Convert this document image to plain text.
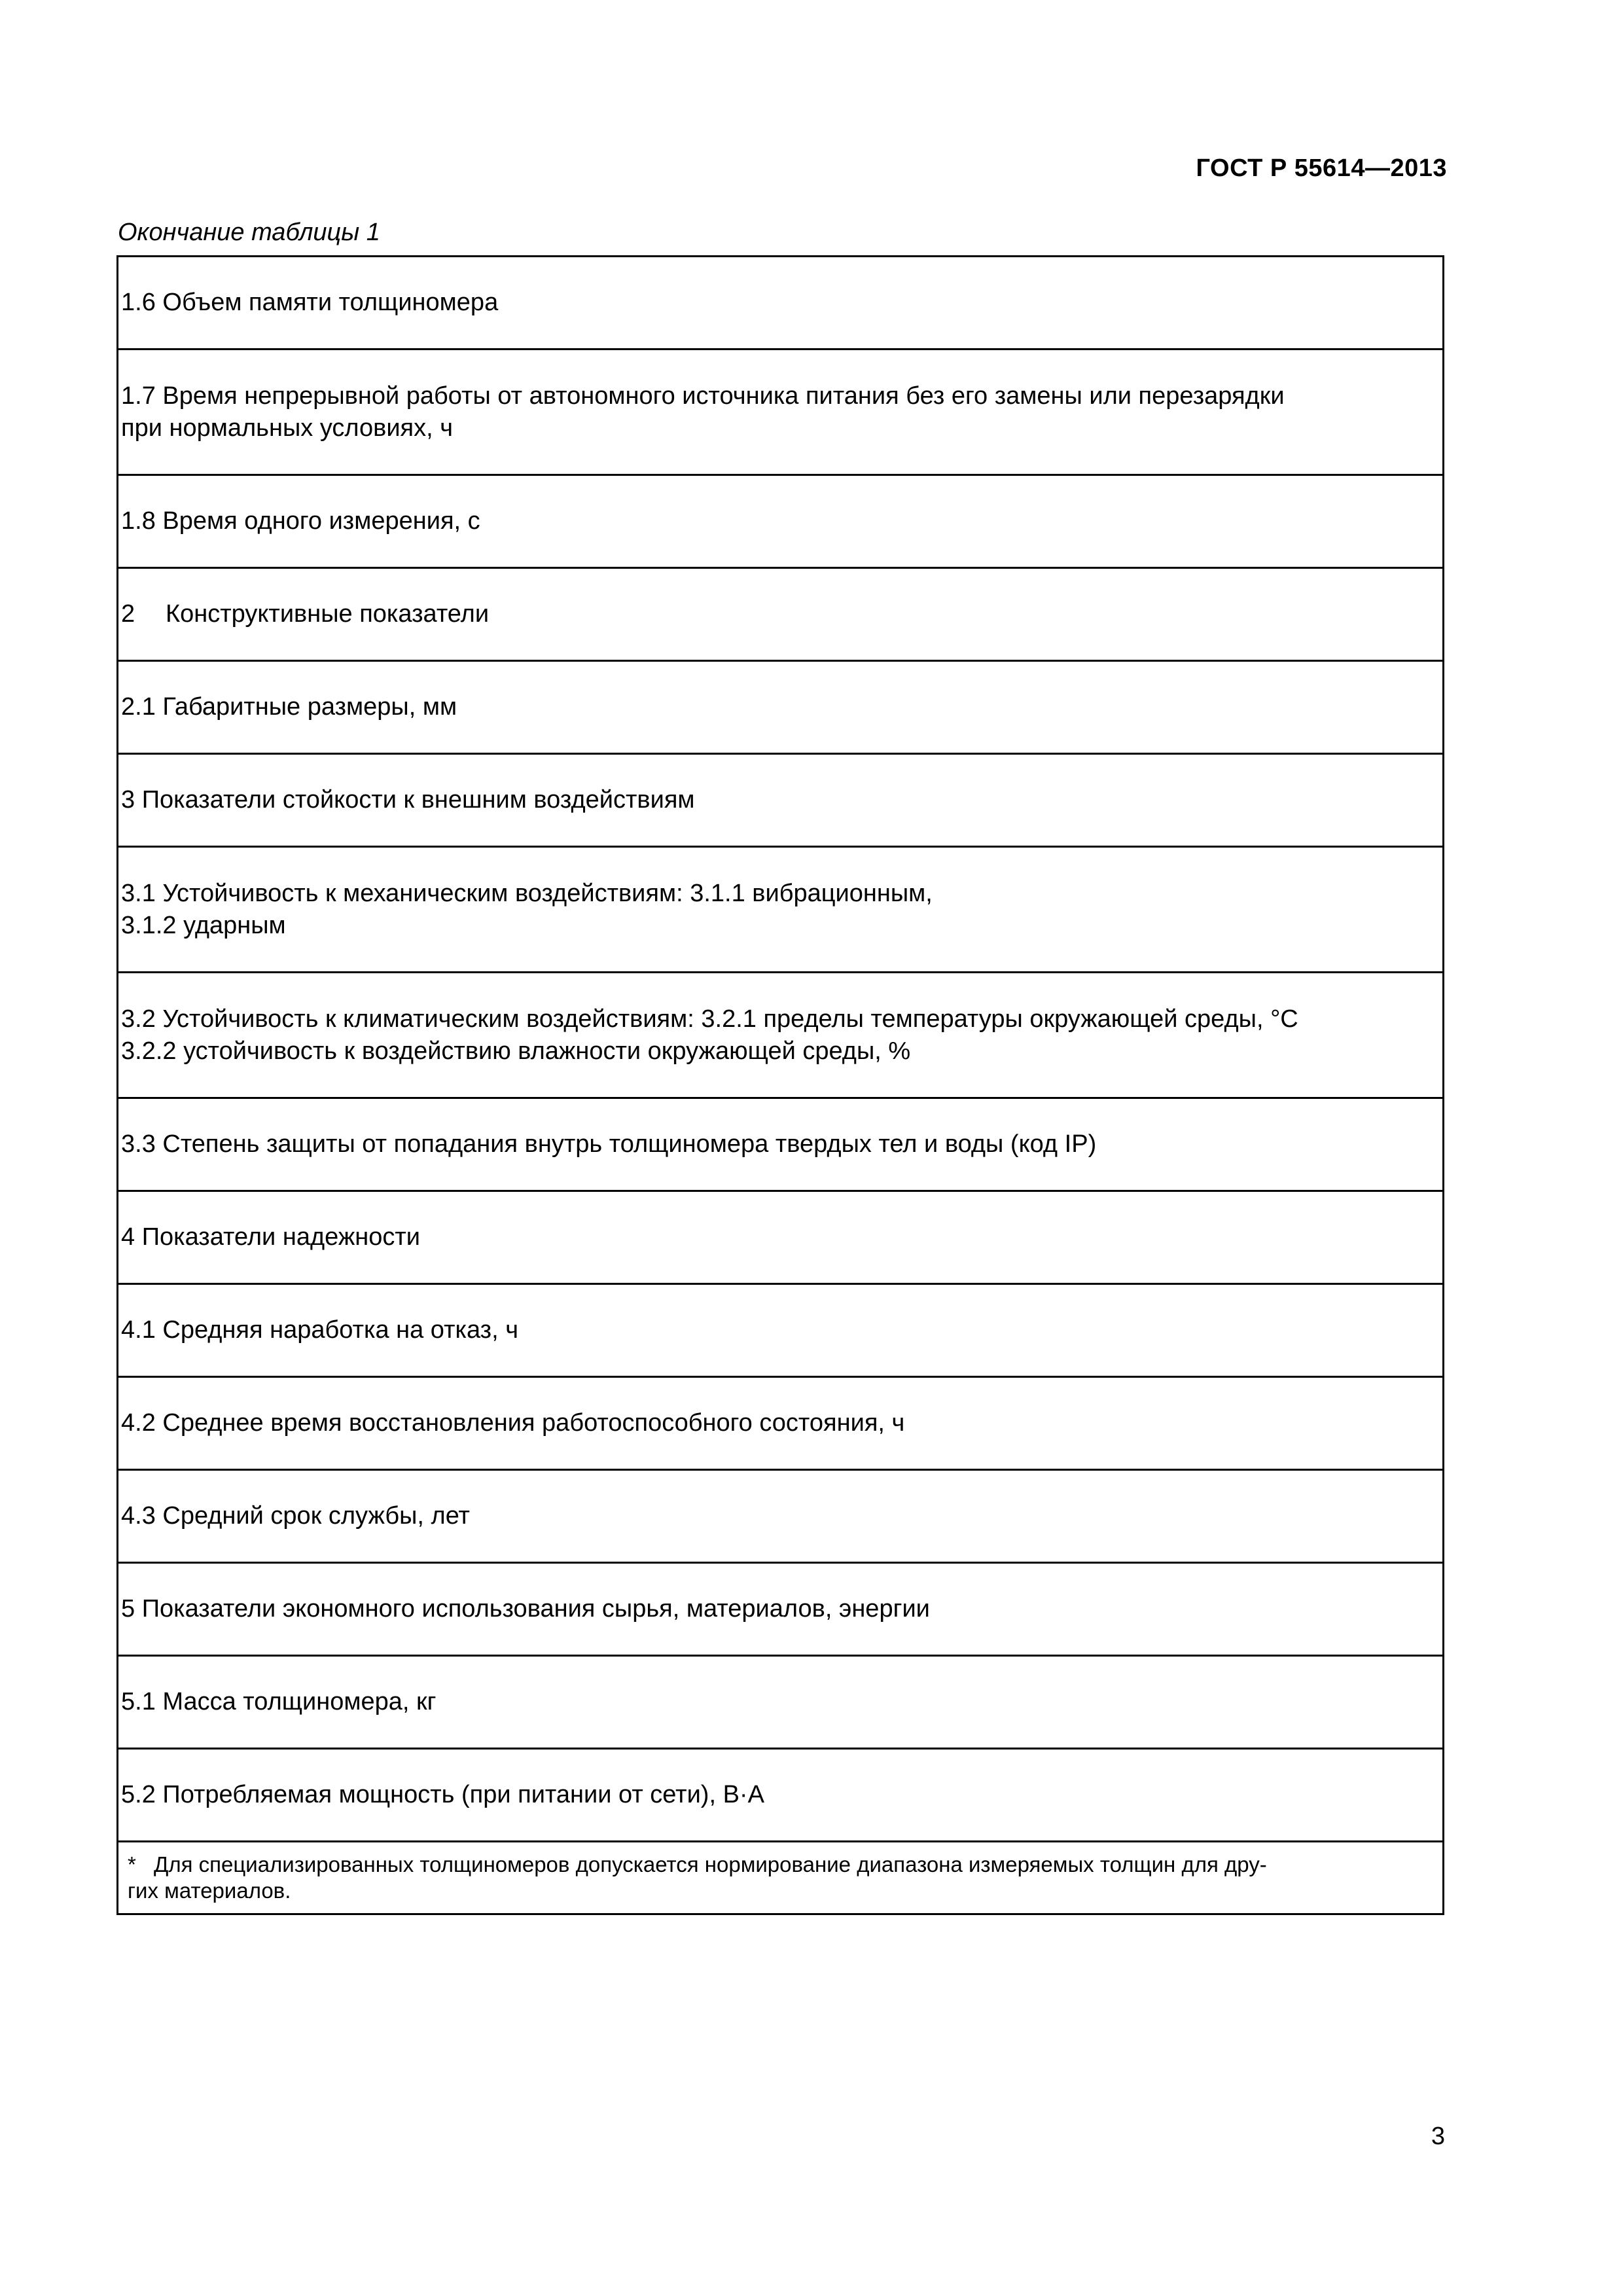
ГОСТ Р 55614—2013
Окончание таблицы 1
1.6 Объем памяти толщиномера

1.7 Время непрерывной работы от автономного источника питания без его замены или перезарядки
при нормальных условиях, ч

1.8 Время одного измерения, с

2 Конструктивные показатели

2.1 Габаритные размеры, мм

3 Показатели стойкости к внешним воздействиям

3.1 Устойчивость к механическим воздействиям: 3.1.1 вибрационным,
3.1.2 ударным

3.2 Устойчивость к климатическим воздействиям: 3.2.1 пределы температуры окружающей среды, °С
3.2.2 устойчивость к воздействию влажности окружающей среды, %

3.3 Степень защиты от попадания внутрь толщиномера твердых тел и воды (код IP)

4 Показатели надежности

4.1 Средняя наработка на отказ, ч

4.2 Среднее время восстановления работоспособного состояния, ч

4.3 Средний срок службы, лет

5 Показатели экономного использования сырья, материалов, энергии

5.1 Масса толщиномера, кг

5.2 Потребляемая мощность (при питании от сети), В·А

* Для специализированных толщиномеров допускается нормирование диапазона измеряемых толщин для дру-
гих материалов.
3
